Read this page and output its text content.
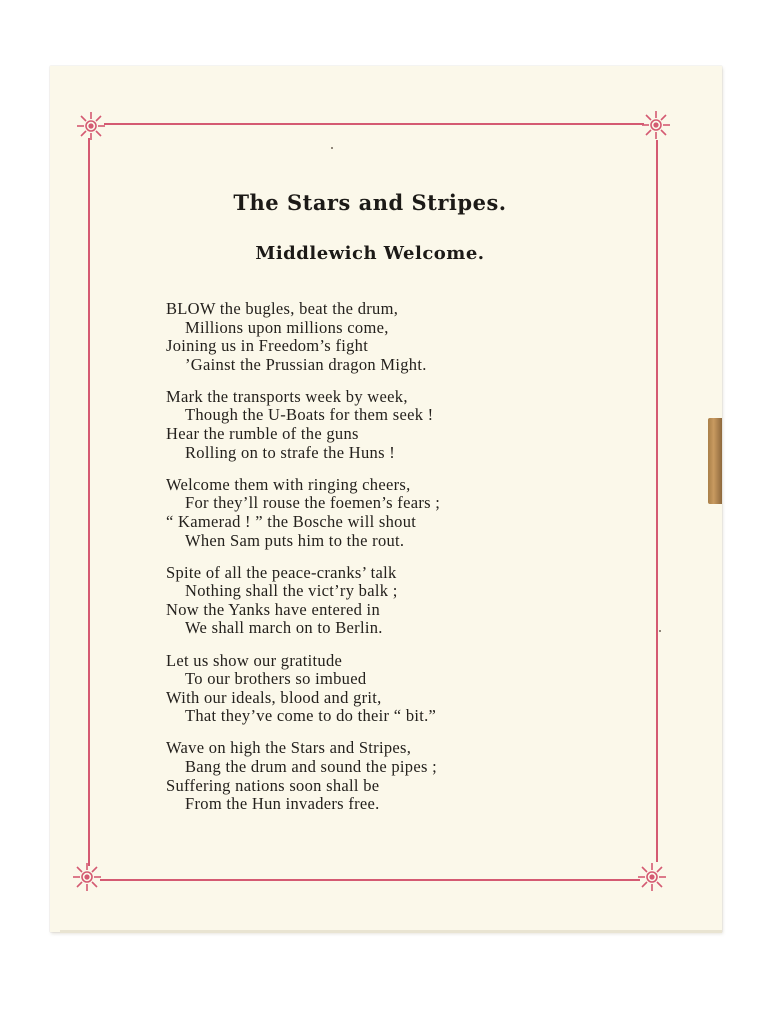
The Stars and Stripes.
Middlewich Welcome.
BLOW the bugles, beat the drum,
Millions upon millions come,
Joining us in Freedom’s fight
’Gainst the Prussian dragon Might.
Mark the transports week by week,
Though the U-Boats for them seek !
Hear the rumble of the guns
Rolling on to strafe the Huns !
Welcome them with ringing cheers,
For they’ll rouse the foemen’s fears ;
“ Kamerad ! ” the Bosche will shout
When Sam puts him to the rout.
Spite of all the peace-cranks’ talk
Nothing shall the vict’ry balk ;
Now the Yanks have entered in
We shall march on to Berlin.
Let us show our gratitude
To our brothers so imbued
With our ideals, blood and grit,
That they’ve come to do their “ bit.”
Wave on high the Stars and Stripes,
Bang the drum and sound the pipes ;
Suffering nations soon shall be
From the Hun invaders free.
